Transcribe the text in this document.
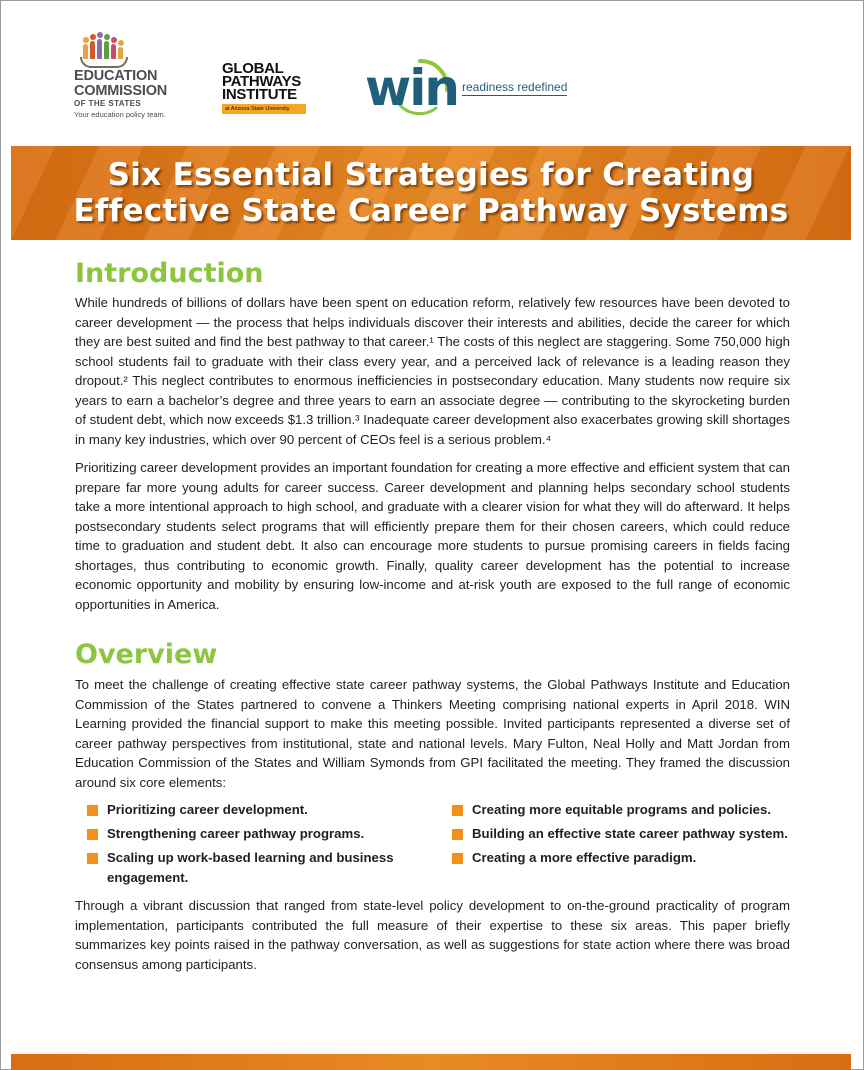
EDUCATION
COMMISSION
OF THE STATES
Your education policy team.
GLOBAL
PATHWAYS
INSTITUTE
at Arizona State University	win readiness redefined
Six Essential Strategies for Creating
Effective State Career Pathway Systems
Introduction

While hundreds of billions of dollars have been spent on education reform, relatively few resources have been devoted to career development — the process that helps individuals discover their interests and abilities, decide the career for which they are best suited and find the best pathway to that career.¹ The costs of this neglect are staggering. Some 750,000 high school students fail to graduate with their class every year, and a perceived lack of relevance is a leading reason they dropout.² This neglect contributes to enormous inefficiencies in postsecondary education. Many students now require six years to earn a bachelor’s degree and three years to earn an associate degree — contributing to the skyrocketing burden of student debt, which now exceeds $1.3 trillion.³ Inadequate career development also exacerbates growing skill shortages in many key industries, which over 90 percent of CEOs feel is a serious problem.⁴

Prioritizing career development provides an important foundation for creating a more effective and efficient system that can prepare far more young adults for career success. Career development and planning helps secondary school students take a more intentional approach to high school, and graduate with a clearer vision for what they will do afterward. It helps postsecondary students select programs that will efficiently prepare them for their chosen careers, which could reduce time to graduation and student debt. It also can encourage more students to pursue promising careers in fields facing shortages, thus contributing to economic growth. Finally, quality career development has the potential to increase economic opportunity and mobility by ensuring low-income and at-risk youth are exposed to the full range of economic opportunities in America.

Overview

To meet the challenge of creating effective state career pathway systems, the Global Pathways Institute and Education Commission of the States partnered to convene a Thinkers Meeting comprising national experts in April 2018. WIN Learning provided the financial support to make this meeting possible. Invited participants represented a diverse set of career pathway perspectives from institutional, state and national levels. Mary Fulton, Neal Holly and Matt Jordan from Education Commission of the States and William Symonds from GPI facilitated the meeting. They framed the discussion around six core elements:

Prioritizing career development.	Creating more equitable programs and policies.
Strengthening career pathway programs.	Building an effective state career pathway system.
Scaling up work-based learning and business engagement.
Creating a more effective paradigm.

Through a vibrant discussion that ranged from state-level policy development to on-the-ground practicality of program implementation, participants contributed the full measure of their expertise to these six areas. This paper briefly summarizes key points raised in the pathway conversation, as well as suggestions for state action where there was broad consensus among participants.
